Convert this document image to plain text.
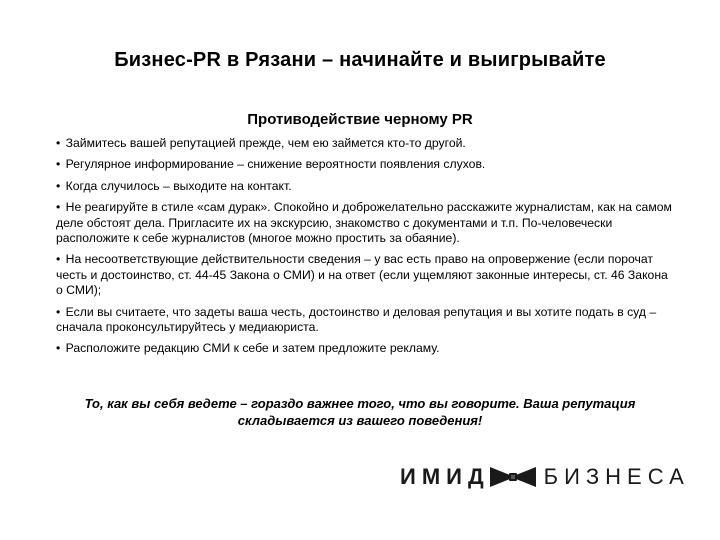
Бизнес-PR в Рязани – начинайте и выигрывайте
Противодействие черному PR

• Займитесь вашей репутацией прежде, чем ею займется кто-то другой.

• Регулярное информирование – снижение вероятности появления слухов.

• Когда случилось – выходите на контакт.

• Не реагируйте в стиле «сам дурак». Спокойно и доброжелательно расскажите журналистам, как на самом деле обстоят дела. Пригласите их на экскурсию, знакомство с документами и т.п. По-человечески расположите к себе журналистов (многое можно простить за обаяние).

• На несоответствующие действительности сведения – у вас есть право на опровержение (если порочат честь и достоинство, ст. 44-45 Закона о СМИ) и на ответ (если ущемляют законные интересы, ст. 46 Закона о СМИ);

• Если вы считаете, что задеты ваша честь, достоинство и деловая репутация и вы хотите подать в суд – сначала проконсультируйтесь у медиаюриста.

• Расположите редакцию СМИ к себе и затем предложите рекламу.

То, как вы себя ведете – гораздо важнее того, что вы говорите. Ваша репутация складывается из вашего поведения!
ИМИД БИЗНЕСА
